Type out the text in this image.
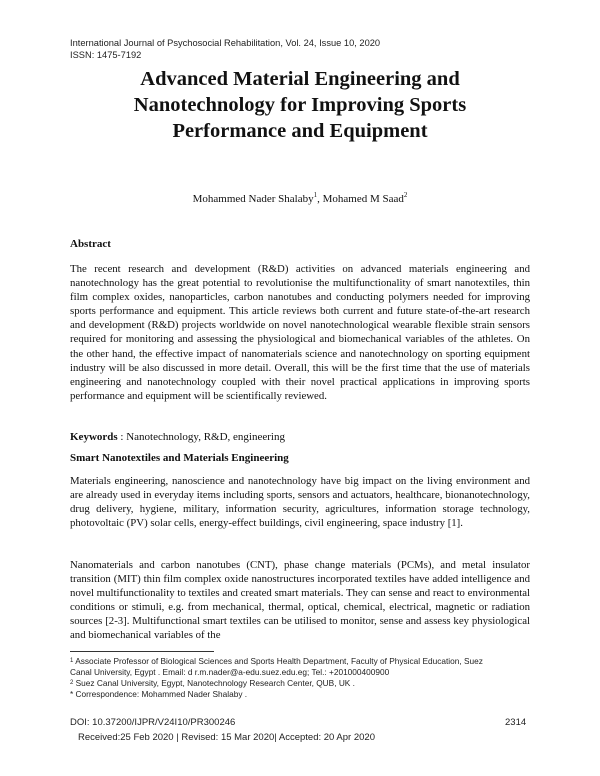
International Journal of Psychosocial Rehabilitation, Vol. 24, Issue 10, 2020
ISSN: 1475-7192
Advanced Material Engineering and
Nanotechnology for Improving Sports
Performance and Equipment
Mohammed Nader Shalaby$^1$, Mohamed M Saad$^2$
Abstract
The recent research and development (R&D) activities on advanced materials engineering and nanotechnology has the great potential to revolutionise the multifunctionality of smart nanotextiles, thin film complex oxides, nanoparticles, carbon nanotubes and conducting polymers needed for improving sports performance and equipment. This article reviews both current and future state-of-the-art research and development (R&D) projects worldwide on novel nanotechnological wearable flexible strain sensors required for monitoring and assessing the physiological and biomechanical variables of the athletes. On the other hand, the effective impact of nanomaterials science and nanotechnology on sporting equipment industry will be also discussed in more detail. Overall, this will be the first time that the use of materials engineering and nanotechnology coupled with their novel practical applications in improving sports performance and equipment will be scientifically reviewed.
Keywords : Nanotechnology, R&D, engineering
Smart Nanotextiles and Materials Engineering
Materials engineering, nanoscience and nanotechnology have big impact on the living environment and are already used in everyday items including sports, sensors and actuators, healthcare, bionanotechnology, drug delivery, hygiene, military, information security, agricultures, information storage technology, photovoltaic (PV) solar cells, energy-effect buildings, civil engineering, space industry [1].
Nanomaterials and carbon nanotubes (CNT), phase change materials (PCMs), and metal insulator transition (MIT) thin film complex oxide nanostructures incorporated textiles have added intelligence and novel multifunctionality to textiles and created smart materials. They can sense and react to environmental conditions or stimuli, e.g. from mechanical, thermal, optical, chemical, electrical, magnetic or radiation sources [2-3]. Multifunctional smart textiles can be utilised to monitor, sense and assess key physiological and biomechanical variables of the
$^1$ Associate Professor of Biological Sciences and Sports Health Department, Faculty of Physical Education, Suez
Canal University, Egypt . Email: d r.m.nader@a-edu.suez.edu.eg; Tel.: +201000400900
$^2$ Suez Canal University, Egypt, Nanotechnology Research Center, QUB, UK .
* Correspondence: Mohammed Nader Shalaby .
DOI: 10.37200/IJPR/V24I10/PR300246	2314
Received:25 Feb 2020 | Revised: 15 Mar 2020| Accepted: 20 Apr 2020
